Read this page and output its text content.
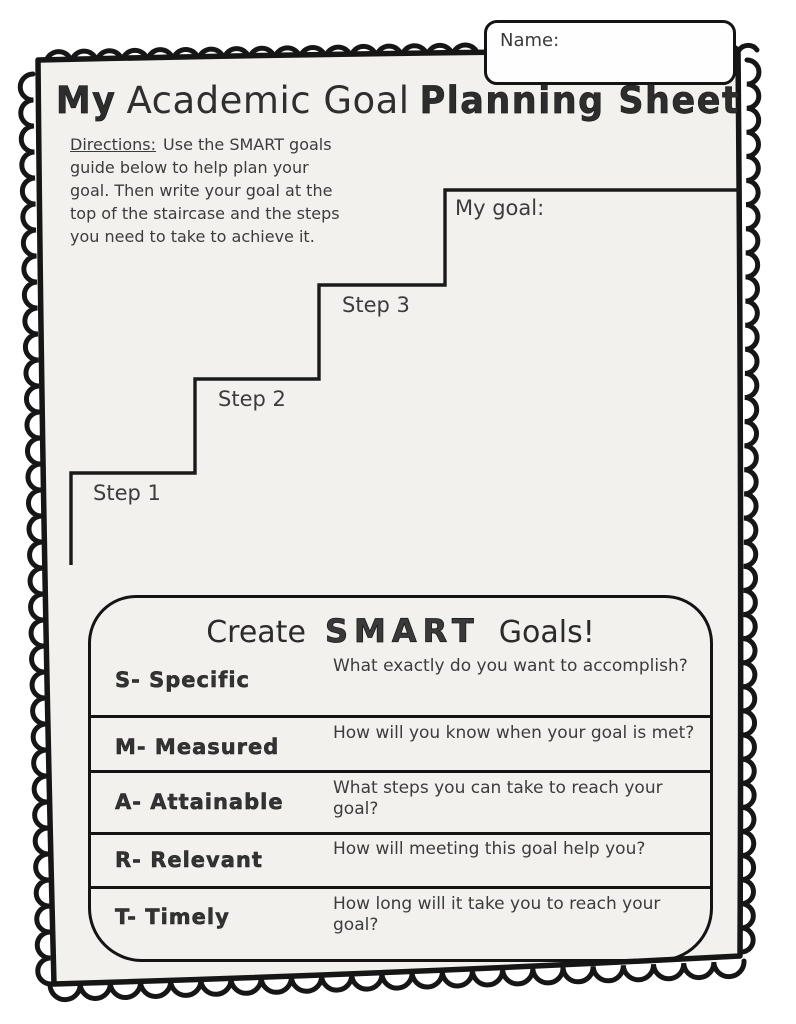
Name:
My Academic Goal Planning Sheet
Directions: Use the SMART goals
guide below to help plan your
goal. Then write your goal at the
top of the staircase and the steps
you need to take to achieve it.
Step 1
Step 2
Step 3
My goal:
Create SMART Goals!
S- Specific
What exactly do you want to accomplish?
M- Measured
How will you know when your goal is met?
A- Attainable
What steps you can take to reach your
goal?
R- Relevant	How will meeting this goal help you?
T- Timely
How long will it take you to reach your
goal?
